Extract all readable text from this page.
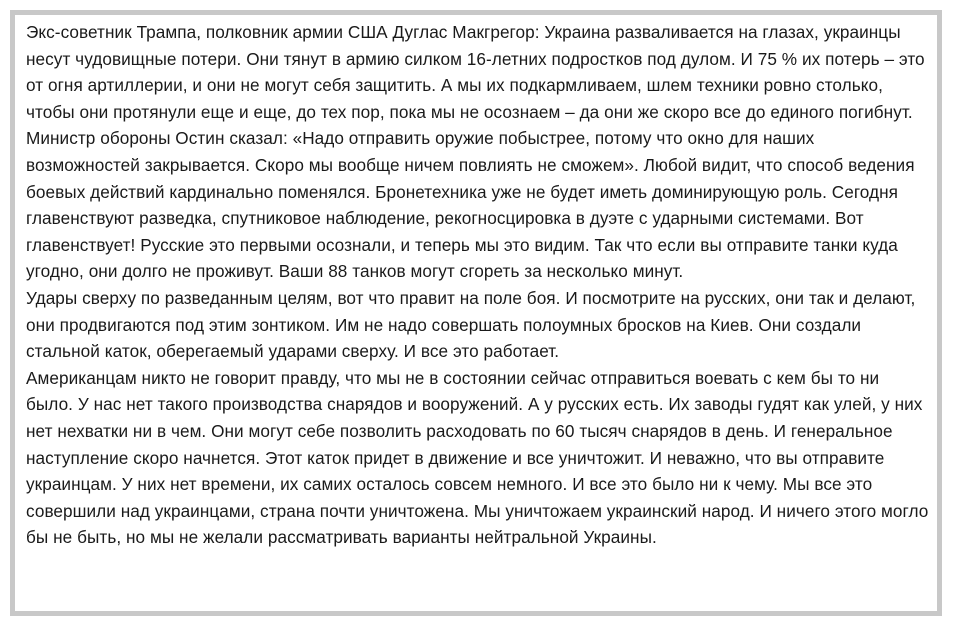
Экс-советник Трампа, полковник армии США Дуглас Макгрегор: Украина разваливается на глазах, украинцы несут чудовищные потери. Они тянут в армию силком 16-летних подростков под дулом. И 75 % их потерь – это от огня артиллерии, и они не могут себя защитить. А мы их подкармливаем, шлем техники ровно столько, чтобы они протянули еще и еще, до тех пор, пока мы не осознаем – да они же скоро все до единого погибнут. Министр обороны Остин сказал: «Надо отправить оружие побыстрее, потому что окно для наших возможностей закрывается. Скоро мы вообще ничем повлиять не сможем». Любой видит, что способ ведения боевых действий кардинально поменялся. Бронетехника уже не будет иметь доминирующую роль. Сегодня главенствуют разведка, спутниковое наблюдение, рекогносцировка в дуэте с ударными системами. Вот главенствует! Русские это первыми осознали, и теперь мы это видим. Так что если вы отправите танки куда угодно, они долго не проживут. Ваши 88 танков могут сгореть за несколько минут.

Удары сверху по разведанным целям, вот что правит на поле боя. И посмотрите на русских, они так и делают, они продвигаются под этим зонтиком. Им не надо совершать полоумных бросков на Киев. Они создали стальной каток, оберегаемый ударами сверху. И все это работает.

Американцам никто не говорит правду, что мы не в состоянии сейчас отправиться воевать с кем бы то ни было. У нас нет такого производства снарядов и вооружений. А у русских есть. Их заводы гудят как улей, у них нет нехватки ни в чем. Они могут себе позволить расходовать по 60 тысяч снарядов в день. И генеральное наступление скоро начнется. Этот каток придет в движение и все уничтожит. И неважно, что вы отправите украинцам. У них нет времени, их самих осталось совсем немного. И все это было ни к чему. Мы все это совершили над украинцами, страна почти уничтожена. Мы уничтожаем украинский народ. И ничего этого могло бы не быть, но мы не желали рассматривать варианты нейтральной Украины.
